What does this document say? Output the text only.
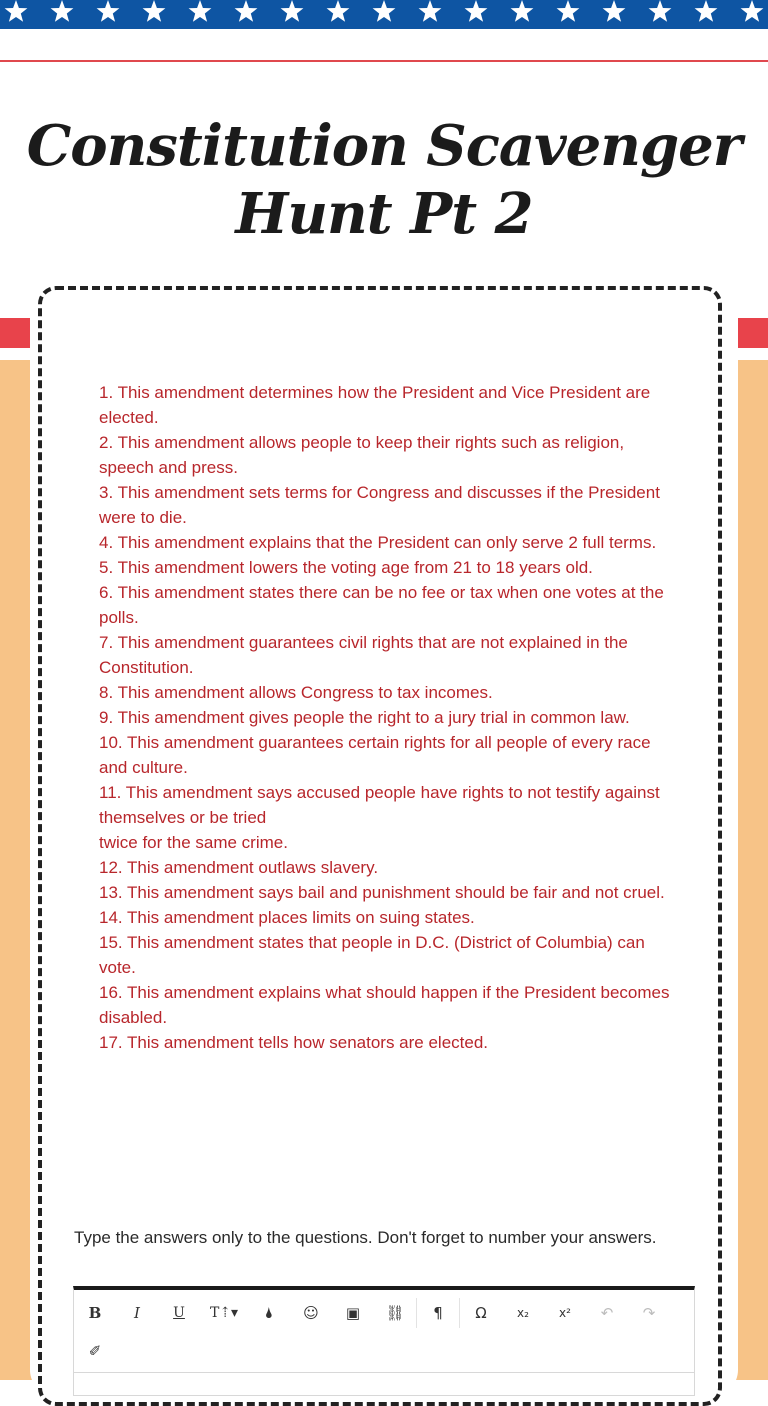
Constitution Scavenger Hunt Pt 2
1. This amendment determines how the President and Vice President are elected.
2. This amendment allows people to keep their rights such as religion, speech and press.
3. This amendment sets terms for Congress and discusses if the President were to die.
4. This amendment explains that the President can only serve 2 full terms.
5. This amendment lowers the voting age from 21 to 18 years old.
6. This amendment states there can be no fee or tax when one votes at the polls.
7. This amendment guarantees civil rights that are not explained in the Constitution.
8. This amendment allows Congress to tax incomes.
9. This amendment gives people the right to a jury trial in common law.
10. This amendment guarantees certain rights for all people of every race and culture.
11. This amendment says accused people have rights to not testify against themselves or be tried
twice for the same crime.
12. This amendment outlaws slavery.
13. This amendment says bail and punishment should be fair and not cruel.
14. This amendment places limits on suing states.
15. This amendment states that people in D.C. (District of Columbia) can vote.
16. This amendment explains what should happen if the President becomes disabled.
17. This amendment tells how senators are elected.
Type the answers only to the questions. Don't forget to number your answers.
B	I	U	T⇡▾	🌢	☺	▣	⛓	¶	Ω	x₂	x²	↶	↷
✐
